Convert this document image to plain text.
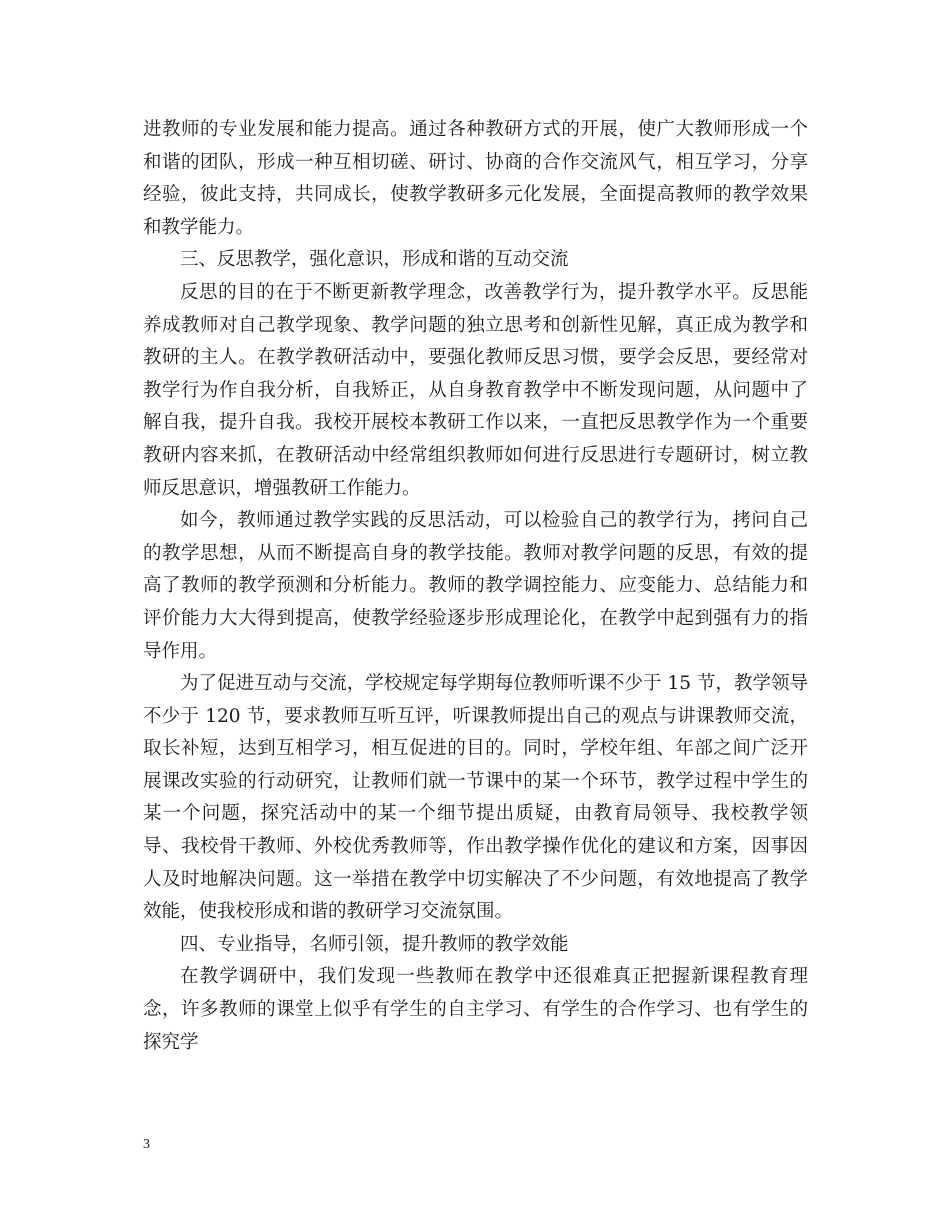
进教师的专业发展和能力提高。通过各种教研方式的开展，使广大教师形成一个和谐的团队，形成一种互相切磋、研讨、协商的合作交流风气，相互学习，分享经验，彼此支持，共同成长，使教学教研多元化发展，全面提高教师的教学效果和教学能力。

三、反思教学，强化意识，形成和谐的互动交流

反思的目的在于不断更新教学理念，改善教学行为，提升教学水平。反思能养成教师对自己教学现象、教学问题的独立思考和创新性见解，真正成为教学和教研的主人。在教学教研活动中，要强化教师反思习惯，要学会反思，要经常对教学行为作自我分析，自我矫正，从自身教育教学中不断发现问题，从问题中了解自我，提升自我。我校开展校本教研工作以来，一直把反思教学作为一个重要教研内容来抓，在教研活动中经常组织教师如何进行反思进行专题研讨，树立教师反思意识，增强教研工作能力。

如今，教师通过教学实践的反思活动，可以检验自己的教学行为，拷问自己的教学思想，从而不断提高自身的教学技能。教师对教学问题的反思，有效的提高了教师的教学预测和分析能力。教师的教学调控能力、应变能力、总结能力和评价能力大大得到提高，使教学经验逐步形成理论化，在教学中起到强有力的指导作用。

为了促进互动与交流，学校规定每学期每位教师听课不少于 15 节，教学领导不少于 120 节，要求教师互听互评，听课教师提出自己的观点与讲课教师交流，取长补短，达到互相学习，相互促进的目的。同时，学校年组、年部之间广泛开展课改实验的行动研究，让教师们就一节课中的某一个环节，教学过程中学生的某一个问题，探究活动中的某一个细节提出质疑，由教育局领导、我校教学领导、我校骨干教师、外校优秀教师等，作出教学操作优化的建议和方案，因事因人及时地解决问题。这一举措在教学中切实解决了不少问题，有效地提高了教学效能，使我校形成和谐的教研学习交流氛围。

四、专业指导，名师引领，提升教师的教学效能

在教学调研中，我们发现一些教师在教学中还很难真正把握新课程教育理念，许多教师的课堂上似乎有学生的自主学习、有学生的合作学习、也有学生的探究学

3
